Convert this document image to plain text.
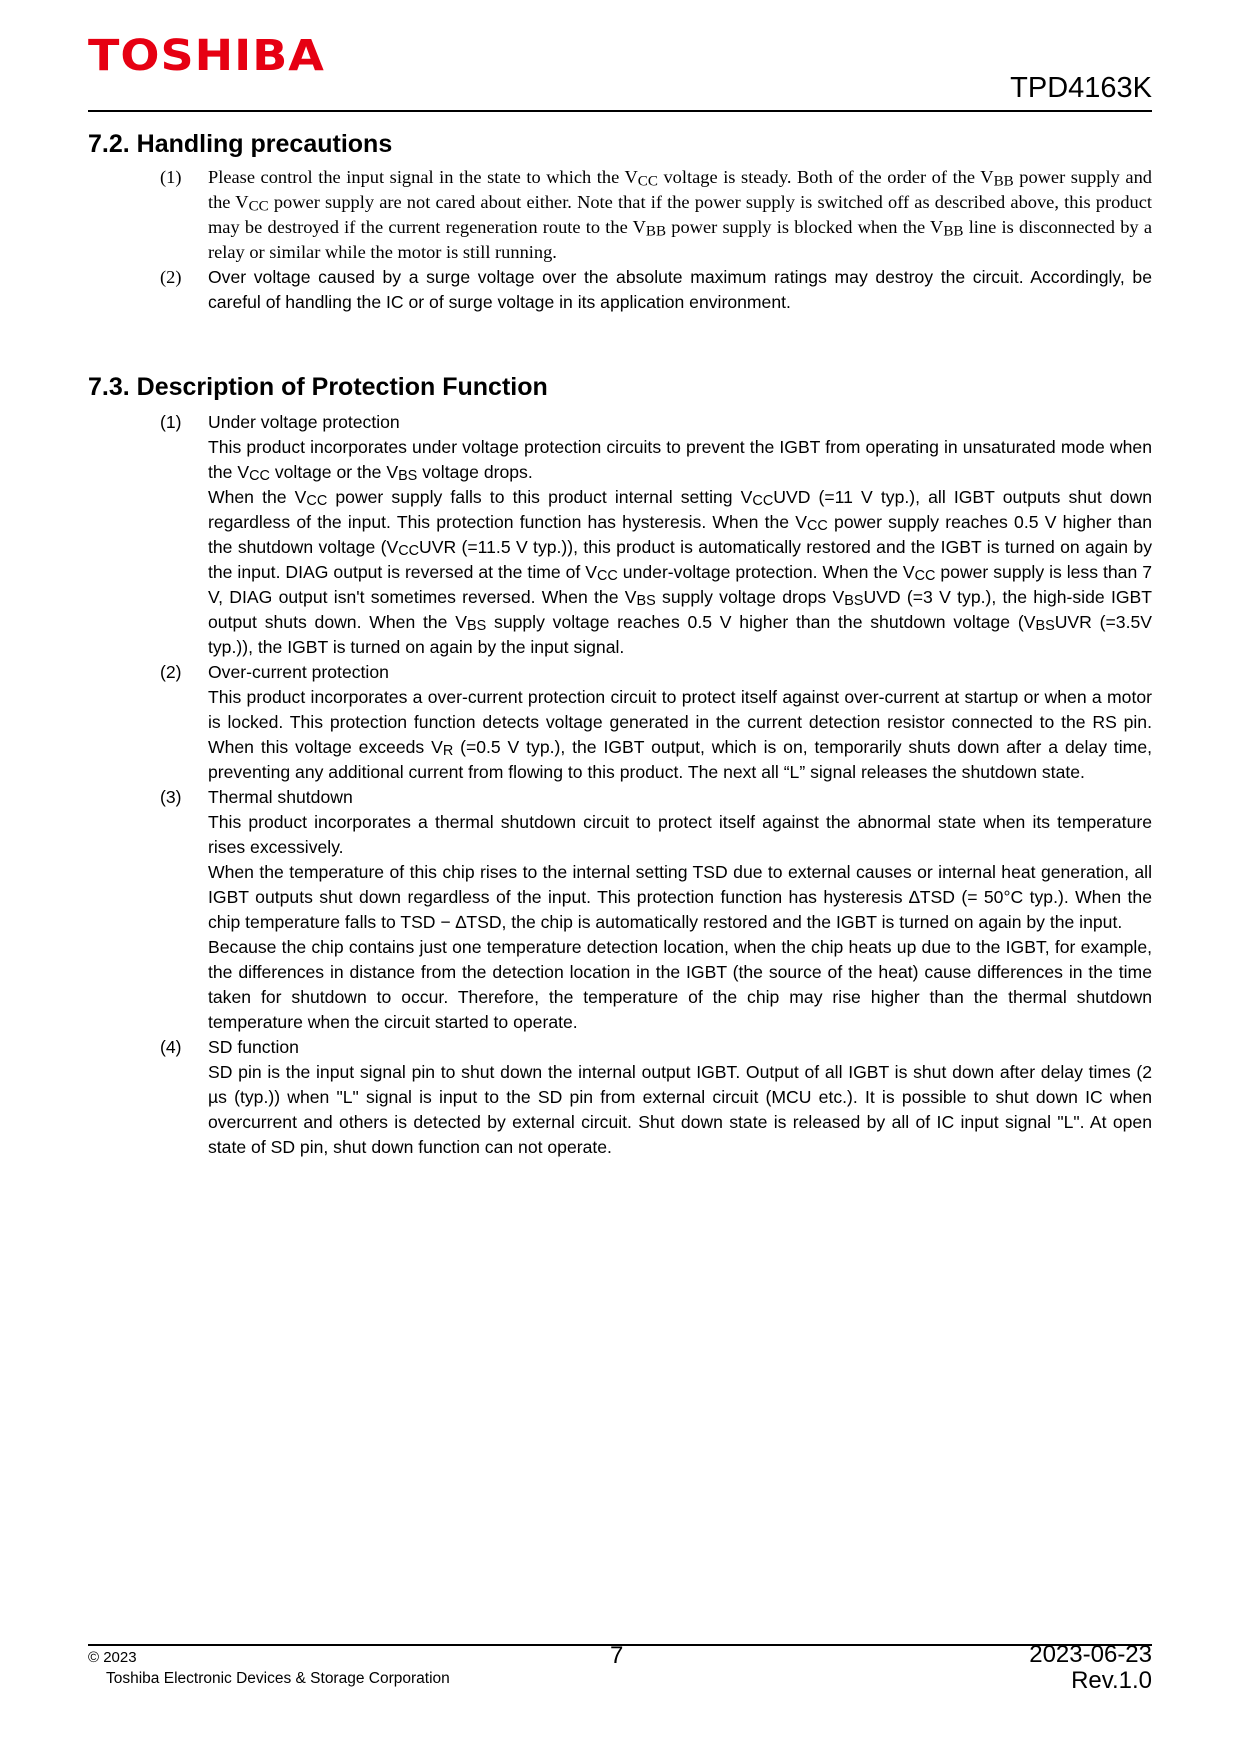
TOSHIBA
TPD4163K
7.2. Handling precautions
(1) Please control the input signal in the state to which the $V_{CC}$ voltage is steady. Both of the order of the $V_{BB}$ power supply and the $V_{CC}$ power supply are not cared about either. Note that if the power supply is switched off as described above, this product may be destroyed if the current regeneration route to the $V_{BB}$ power supply is blocked when the $V_{BB}$ line is disconnected by a relay or similar while the motor is still running.

(2) Over voltage caused by a surge voltage over the absolute maximum ratings may destroy the circuit. Accordingly, be careful of handling the IC or of surge voltage in its application environment.

7.3. Description of Protection Function
(1) Under voltage protection

This product incorporates under voltage protection circuits to prevent the IGBT from operating in unsaturated mode when the $V_{CC}$ voltage or the $V_{BS}$ voltage drops.

When the $V_{CC}$ power supply falls to this product internal setting $V_{CC}UVD$ (=11 V typ.), all IGBT outputs shut down regardless of the input. This protection function has hysteresis. When the $V_{CC}$ power supply reaches 0.5 V higher than the shutdown voltage ($V_{CC}UVR$ (=11.5 V typ.)), this product is automatically restored and the IGBT is turned on again by the input. DIAG output is reversed at the time of $V_{CC}$ under-voltage protection. When the $V_{CC}$ power supply is less than 7 V, DIAG output isn't sometimes reversed. When the $V_{BS}$ supply voltage drops $V_{BS}UVD$ (=3 V typ.), the high-side IGBT output shuts down. When the $V_{BS}$ supply voltage reaches 0.5 V higher than the shutdown voltage ($V_{BS}UVR$ (=3.5V typ.)), the IGBT is turned on again by the input signal.

(2) Over-current protection

This product incorporates a over-current protection circuit to protect itself against over-current at startup or when a motor is locked. This protection function detects voltage generated in the current detection resistor connected to the RS pin. When this voltage exceeds $V_R$ (=0.5 V typ.), the IGBT output, which is on, temporarily shuts down after a delay time, preventing any additional current from flowing to this product. The next all “L” signal releases the shutdown state.

(3) Thermal shutdown

This product incorporates a thermal shutdown circuit to protect itself against the abnormal state when its temperature rises excessively.

When the temperature of this chip rises to the internal setting TSD due to external causes or internal heat generation, all IGBT outputs shut down regardless of the input. This protection function has hysteresis ∆TSD (= 50°C typ.). When the chip temperature falls to TSD − ∆TSD, the chip is automatically restored and the IGBT is turned on again by the input.

Because the chip contains just one temperature detection location, when the chip heats up due to the IGBT, for example, the differences in distance from the detection location in the IGBT (the source of the heat) cause differences in the time taken for shutdown to occur. Therefore, the temperature of the chip may rise higher than the thermal shutdown temperature when the circuit started to operate.

(4) SD function

SD pin is the input signal pin to shut down the internal output IGBT. Output of all IGBT is shut down after delay times (2 µs (typ.)) when "L" signal is input to the SD pin from external circuit (MCU etc.). It is possible to shut down IC when overcurrent and others is detected by external circuit. Shut down state is released by all of IC input signal "L". At open state of SD pin, shut down function can not operate.

© 2023
Toshiba Electronic Devices & Storage Corporation
7	2023-06-23
Rev.1.0
